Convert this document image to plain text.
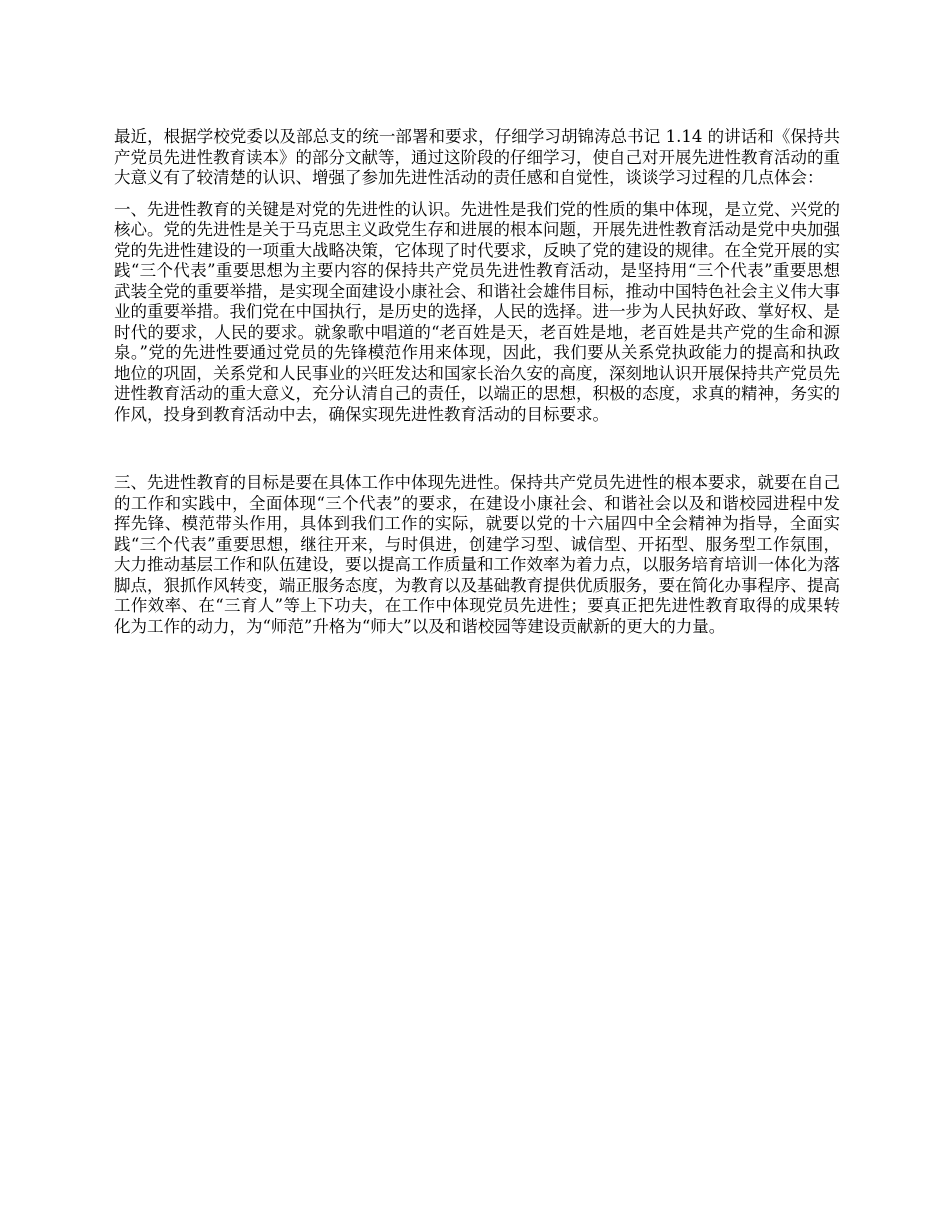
最近，根据学校党委以及部总支的统一部署和要求，仔细学习胡锦涛总书记 1.14 的讲话和《保持共产党员先进性教育读本》的部分文献等，通过这阶段的仔细学习，使自己对开展先进性教育活动的重大意义有了较清楚的认识、增强了参加先进性活动的责任感和自觉性，谈谈学习过程的几点体会：

一、先进性教育的关键是对党的先进性的认识。先进性是我们党的性质的集中体现，是立党、兴党的核心。党的先进性是关于马克思主义政党生存和进展的根本问题，开展先进性教育活动是党中央加强党的先进性建设的一项重大战略决策，它体现了时代要求，反映了党的建设的规律。在全党开展的实践“三个代表”重要思想为主要内容的保持共产党员先进性教育活动，是坚持用“三个代表”重要思想武装全党的重要举措，是实现全面建设小康社会、和谐社会雄伟目标，推动中国特色社会主义伟大事业的重要举措。我们党在中国执行，是历史的选择，人民的选择。进一步为人民执好政、掌好权、是时代的要求，人民的要求。就象歌中唱道的“老百姓是天，老百姓是地，老百姓是共产党的生命和源泉。”党的先进性要通过党员的先锋模范作用来体现，因此，我们要从关系党执政能力的提高和执政地位的巩固，关系党和人民事业的兴旺发达和国家长治久安的高度，深刻地认识开展保持共产党员先进性教育活动的重大意义，充分认清自己的责任，以端正的思想，积极的态度，求真的精神，务实的作风，投身到教育活动中去，确保实现先进性教育活动的目标要求。

三、先进性教育的目标是要在具体工作中体现先进性。保持共产党员先进性的根本要求，就要在自己的工作和实践中，全面体现“三个代表”的要求，在建设小康社会、和谐社会以及和谐校园进程中发挥先锋、模范带头作用，具体到我们工作的实际，就要以党的十六届四中全会精神为指导，全面实践“三个代表”重要思想，继往开来，与时俱进，创建学习型、诚信型、开拓型、服务型工作氛围，大力推动基层工作和队伍建设，要以提高工作质量和工作效率为着力点，以服务培育培训一体化为落脚点，狠抓作风转变，端正服务态度，为教育以及基础教育提供优质服务，要在简化办事程序、提高工作效率、在“三育人”等上下功夫，在工作中体现党员先进性；要真正把先进性教育取得的成果转化为工作的动力，为“师范”升格为“师大”以及和谐校园等建设贡献新的更大的力量。
